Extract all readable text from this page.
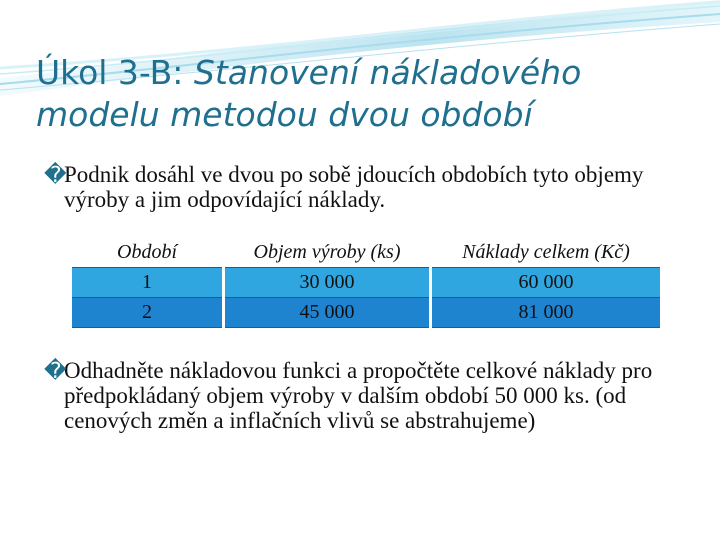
Úkol 3-B: Stanovení nákladového modelu metodou dvou období
�
Podnik dosáhl ve dvou po sobě jdoucích obdobích tyto objemy výroby a jim odpovídající náklady.
Období	Objem výroby (ks)	Náklady celkem (Kč)
1	30 000	60 000
2	45 000	81 000
�
Odhadněte nákladovou funkci a propočtěte celkové náklady pro předpokládaný objem výroby v dalším období 50 000 ks. (od cenových změn a inflačních vlivů se abstrahujeme)
